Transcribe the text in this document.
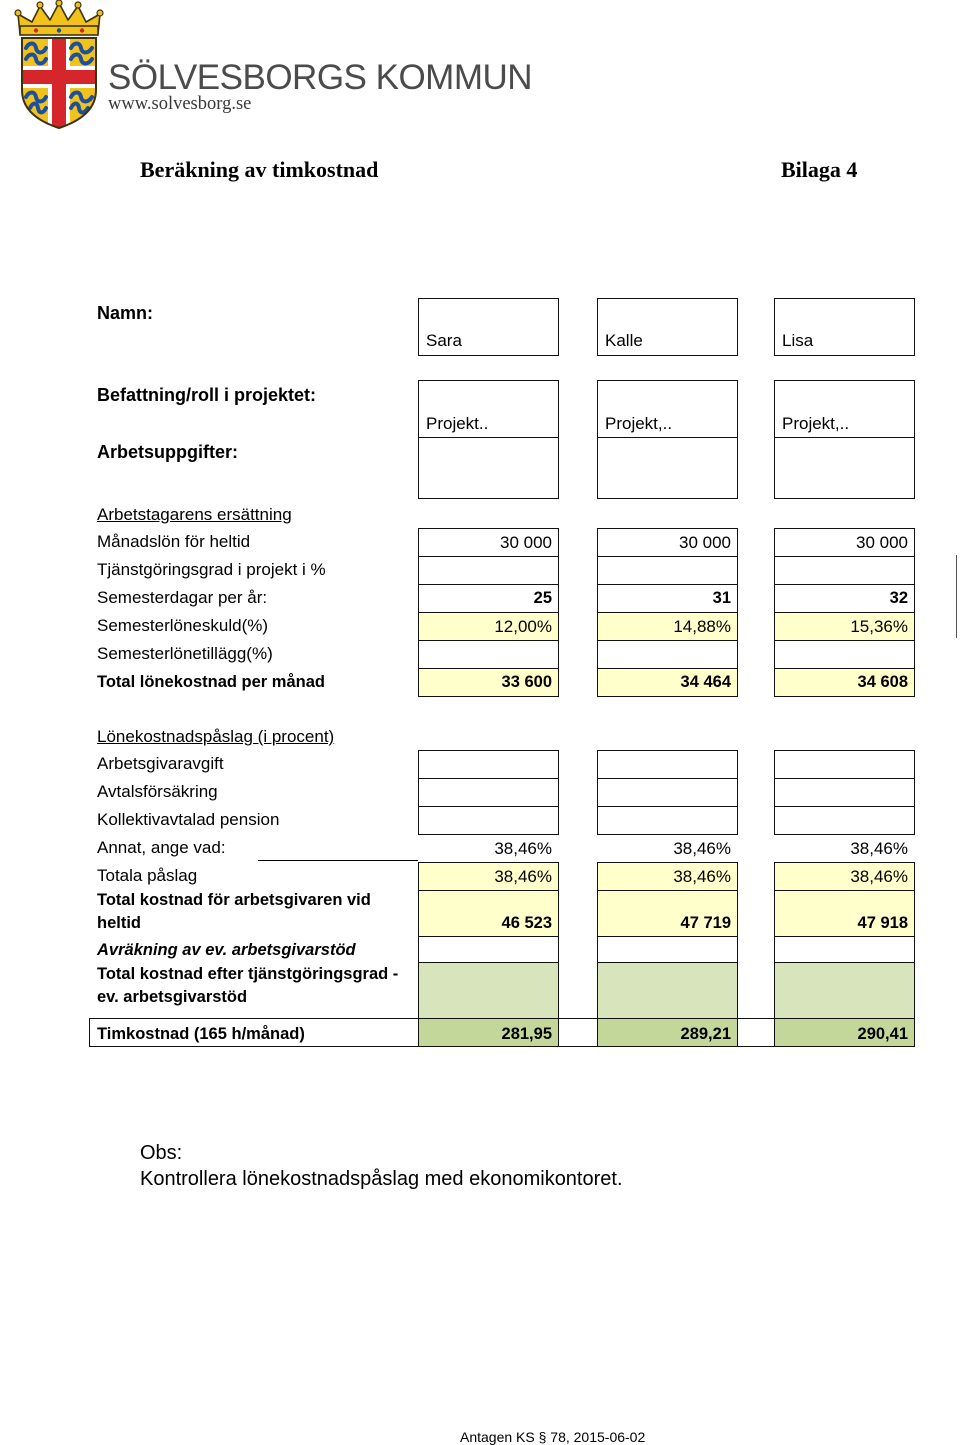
SÖLVESBORGS KOMMUN
www.solvesborg.se
Beräkning av timkostnad	Bilaga 4
Namn:
Sara	Kalle	Lisa
Befattning/roll i projektet:
Projekt..	Projekt,..	Projekt,..
Arbetsuppgifter:
Arbetstagarens ersättning
Månadslön för heltid	30 000	30 000	30 000
Tjänstgöringsgrad i projekt i %
Semesterdagar per år:	25	31	32
Semesterlöneskuld(%)	12,00%	14,88%	15,36%
Semesterlönetillägg(%)
Total lönekostnad per månad	33 600	34 464	34 608
Lönekostnadspåslag (i procent)
Arbetsgivaravgift
Avtalsförsäkring
Kollektivavtalad pension
Annat, ange vad:	38,46%	38,46%	38,46%
Totala påslag	38,46%	38,46%	38,46%
Total kostnad för arbetsgivaren vid
heltid	46 523	47 719	47 918
Avräkning av ev. arbetsgivarstöd
Total kostnad efter tjänstgöringsgrad -
ev. arbetsgivarstöd
Timkostnad (165 h/månad)	281,95	289,21	290,41
Obs:
Kontrollera lönekostnadspåslag med ekonomikontoret.
Antagen KS § 78, 2015-06-02
